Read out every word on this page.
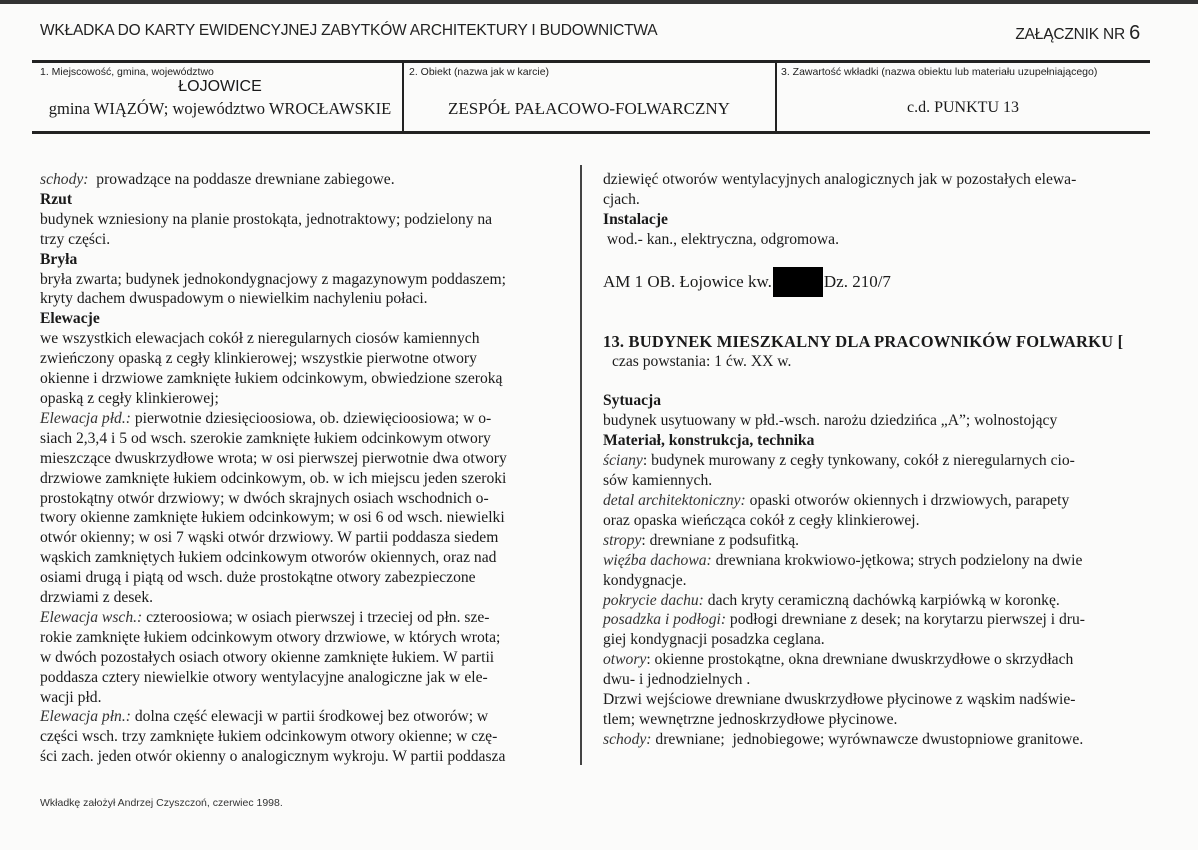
WKŁADKA DO KARTY EWIDENCYJNEJ ZABYTKÓW ARCHITEKTURY I BUDOWNICTWA	ZAŁĄCZNIK NR 6
1. Miejscowość, gmina, województwo
ŁOJOWICE
gmina WIĄZÓW; województwo WROCŁAWSKIE
2. Obiekt (nazwa jak w karcie)
ZESPÓŁ PAŁACOWO-FOLWARCZNY
3. Zawartość wkładki (nazwa obiektu lub materiału uzupełniającego)
c.d. PUNKTU 13
schody:  prowadzące na poddasze drewniane zabiegowe.
Rzut
budynek wzniesiony na planie prostokąta, jednotraktowy; podzielony na
trzy części.
Bryła
bryła zwarta; budynek jednokondygnacjowy z magazynowym poddaszem;
kryty dachem dwuspadowym o niewielkim nachyleniu połaci.
Elewacje
we wszystkich elewacjach cokół z nieregularnych ciosów kamiennych
zwieńczony opaską z cegły klinkierowej; wszystkie pierwotne otwory
okienne i drzwiowe zamknięte łukiem odcinkowym, obwiedzione szeroką
opaską z cegły klinkierowej;
Elewacja płd.: pierwotnie dziesięcioosiowa, ob. dziewięcioosiowa; w o-
siach 2,3,4 i 5 od wsch. szerokie zamknięte łukiem odcinkowym otwory
mieszczące dwuskrzydłowe wrota; w osi pierwszej pierwotnie dwa otwory
drzwiowe zamknięte łukiem odcinkowym, ob. w ich miejscu jeden szeroki
prostokątny otwór drzwiowy; w dwóch skrajnych osiach wschodnich o-
twory okienne zamknięte łukiem odcinkowym; w osi 6 od wsch. niewielki
otwór okienny; w osi 7 wąski otwór drzwiowy. W partii poddasza siedem
wąskich zamkniętych łukiem odcinkowym otworów okiennych, oraz nad
osiami drugą i piątą od wsch. duże prostokątne otwory zabezpieczone
drzwiami z desek.
Elewacja wsch.: czteroosiowa; w osiach pierwszej i trzeciej od płn. sze-
rokie zamknięte łukiem odcinkowym otwory drzwiowe, w których wrota;
w dwóch pozostałych osiach otwory okienne zamknięte łukiem. W partii
poddasza cztery niewielkie otwory wentylacyjne analogiczne jak w ele-
wacji płd.
Elewacja płn.: dolna część elewacji w partii środkowej bez otworów; w
części wsch. trzy zamknięte łukiem odcinkowym otwory okienne; w czę-
ści zach. jeden otwór okienny o analogicznym wykroju. W partii poddasza
dziewięć otworów wentylacyjnych analogicznych jak w pozostałych elewa-
cjach.
Instalacje
wod.- kan., elektryczna, odgromowa.
AM 1 OB. Łojowice kw.	Dz. 210/7
13. BUDYNEK MIESZKALNY DLA PRACOWNIKÓW FOLWARKU [
czas powstania: 1 ćw. XX w.
Sytuacja
budynek usytuowany w płd.-wsch. narożu dziedzińca „A”; wolnostojący
Materiał, konstrukcja, technika
ściany: budynek murowany z cegły tynkowany, cokół z nieregularnych cio-
sów kamiennych.
detal architektoniczny: opaski otworów okiennych i drzwiowych, parapety
oraz opaska wieńcząca cokół z cegły klinkierowej.
stropy: drewniane z podsufitką.
więźba dachowa: drewniana krokwiowo-jętkowa; strych podzielony na dwie
kondygnacje.
pokrycie dachu: dach kryty ceramiczną dachówką karpiówką w koronkę.
posadzka i podłogi: podłogi drewniane z desek; na korytarzu pierwszej i dru-
giej kondygnacji posadzka ceglana.
otwory: okienne prostokątne, okna drewniane dwuskrzydłowe o skrzydłach
dwu- i jednodzielnych .
Drzwi wejściowe drewniane dwuskrzydłowe płycinowe z wąskim nadświe-
tlem; wewnętrzne jednoskrzydłowe płycinowe.
schody: drewniane;  jednobiegowe; wyrównawcze dwustopniowe granitowe.
Wkładkę założył Andrzej Czyszczoń, czerwiec 1998.
